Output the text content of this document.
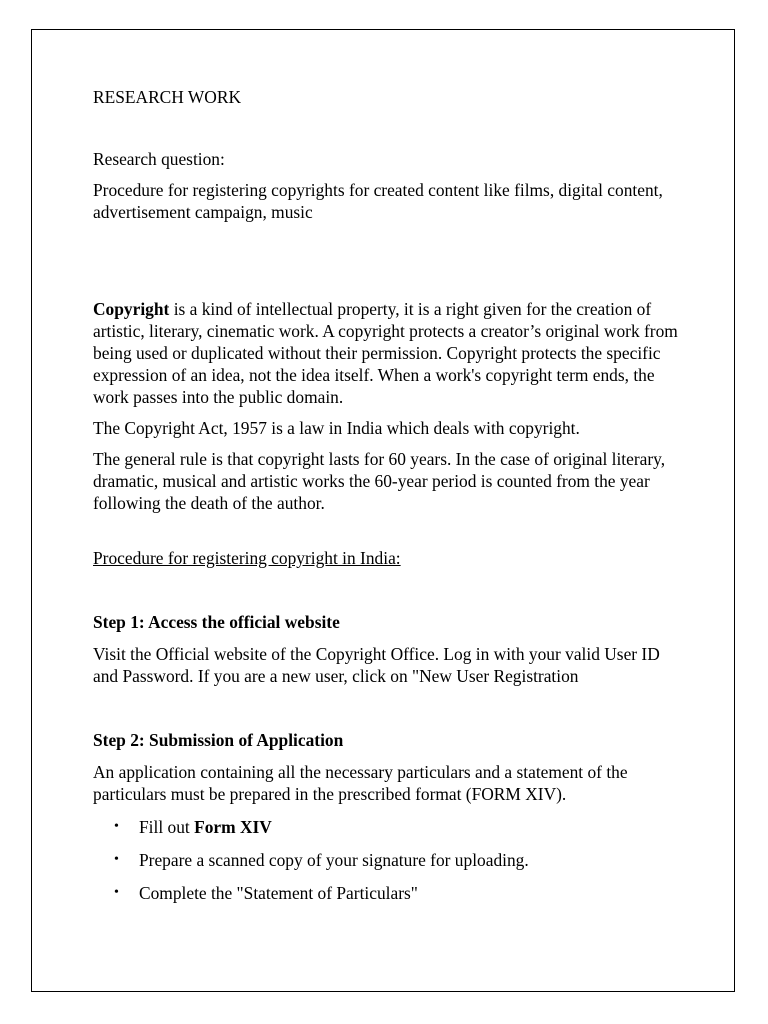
RESEARCH WORK

Research question:

Procedure for registering copyrights for created content like films, digital content, advertisement campaign, music

Copyright is a kind of intellectual property, it is a right given for the creation of artistic, literary, cinematic work. A copyright protects a creator’s original work from being used or duplicated without their permission. Copyright protects the specific expression of an idea, not the idea itself. When a work's copyright term ends, the work passes into the public domain.

The Copyright Act, 1957 is a law in India which deals with copyright.

The general rule is that copyright lasts for 60 years. In the case of original literary, dramatic, musical and artistic works the 60-year period is counted from the year following the death of the author.

Procedure for registering copyright in India:

Step 1: Access the official website

Visit the Official website of the Copyright Office. Log in with your valid User ID and Password. If you are a new user, click on "New User Registration

Step 2: Submission of Application

An application containing all the necessary particulars and a statement of the particulars must be prepared in the prescribed format (FORM XIV).

• Fill out Form XIV
• Prepare a scanned copy of your signature for uploading.
• Complete the "Statement of Particulars"
